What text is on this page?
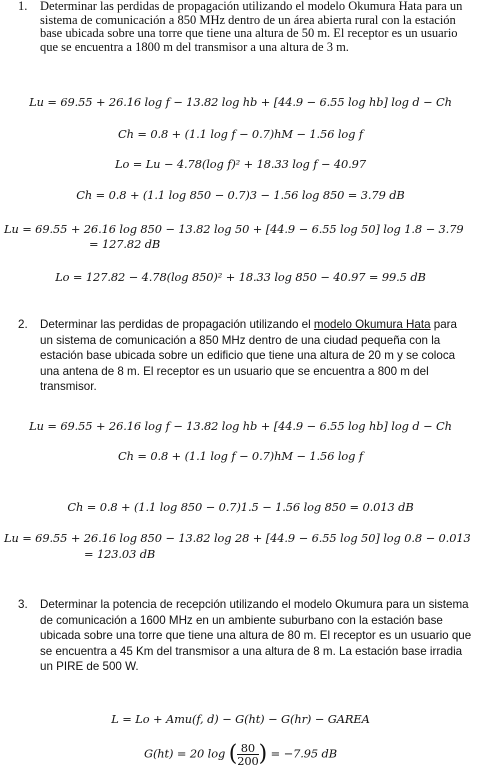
1. Determinar las perdidas de propagación utilizando el modelo Okumura Hata para un sistema de comunicación a 850 MHz dentro de un área abierta rural con la estación base ubicada sobre una torre que tiene una altura de 50 m. El receptor es un usuario que se encuentra a 1800 m del transmisor a una altura de 3 m.
Lu = 69.55 + 26.16 log f − 13.82 log hb + [44.9 − 6.55 log hb] log d − Ch
Ch = 0.8 + (1.1 log f − 0.7)hM − 1.56 log f
Lo = Lu − 4.78(log f)² + 18.33 log f − 40.97
Ch = 0.8 + (1.1 log 850 − 0.7)3 − 1.56 log 850 = 3.79 dB
Lu = 69.55 + 26.16 log 850 − 13.82 log 50 + [44.9 − 6.55 log 50] log 1.8 − 3.79
= 127.82 dB
Lo = 127.82 − 4.78(log 850)² + 18.33 log 850 − 40.97 = 99.5 dB
2. Determinar las perdidas de propagación utilizando el modelo Okumura Hata para un sistema de comunicación a 850 MHz dentro de una ciudad pequeña con la estación base ubicada sobre un edificio que tiene una altura de 20 m y se coloca una antena de 8 m. El receptor es un usuario que se encuentra a 800 m del transmisor.
Lu = 69.55 + 26.16 log f − 13.82 log hb + [44.9 − 6.55 log hb] log d − Ch
Ch = 0.8 + (1.1 log f − 0.7)hM − 1.56 log f
Ch = 0.8 + (1.1 log 850 − 0.7)1.5 − 1.56 log 850 = 0.013 dB
Lu = 69.55 + 26.16 log 850 − 13.82 log 28 + [44.9 − 6.55 log 50] log 0.8 − 0.013
= 123.03 dB
3. Determinar la potencia de recepción utilizando el modelo Okumura para un sistema de comunicación a 1600 MHz en un ambiente suburbano con la estación base ubicada sobre una torre que tiene una altura de 80 m. El receptor es un usuario que se encuentra a 45 Km del transmisor a una altura de 8 m. La estación base irradia un PIRE de 500 W.
L = Lo + Amu(f, d) − G(ht) − G(hr) − GAREA
G(ht) = 20 log ( $\frac{80}{200}$ ) = −7.95 dB
